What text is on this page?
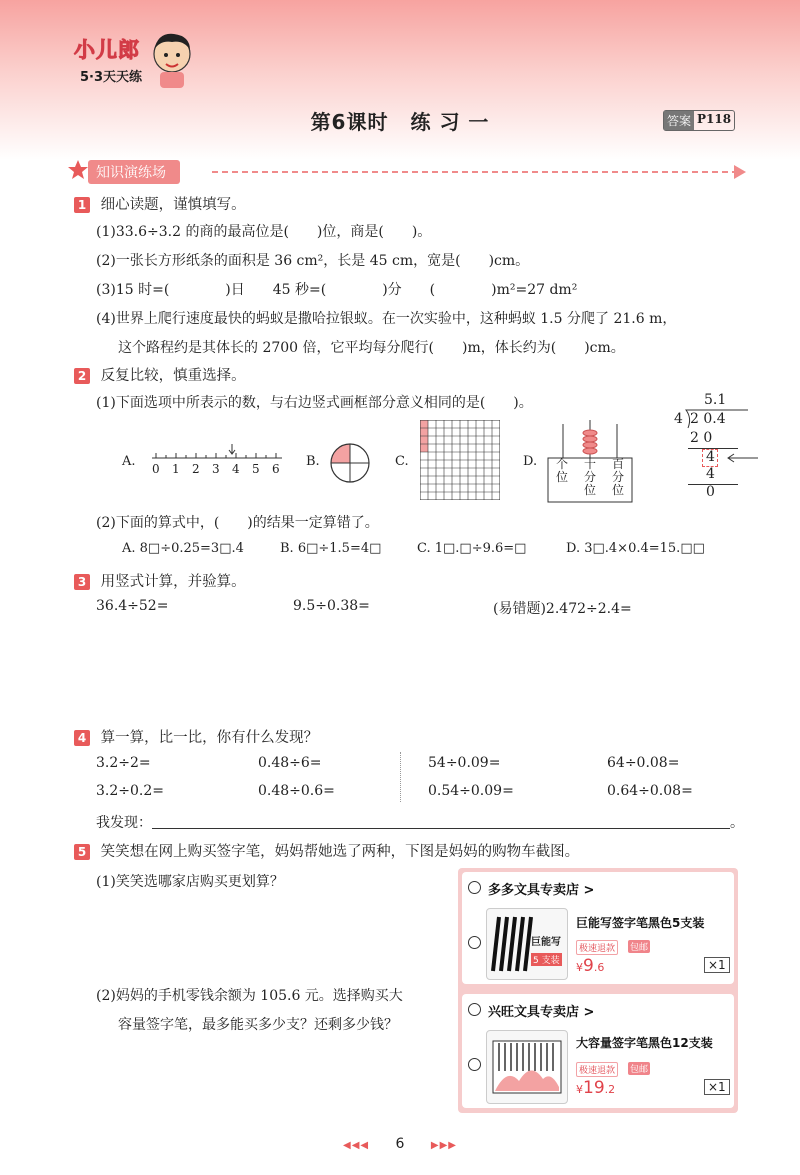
小儿郎
5·3天天练
第6课时 练 习 一	答案 P118
知识演练场
1 细心读题，谨慎填写。
(1)33.6÷3.2 的商的最高位是(　　)位，商是(　　)。
(2)一张长方形纸条的面积是 36 cm²，长是 45 cm，宽是(　　)cm。
(3)15 时=(　　　　)日　　45 秒=(　　　　)分　　(　　　　)m²=27 dm²
(4)世界上爬行速度最快的蚂蚁是撒哈拉银蚁。在一次实验中，这种蚂蚁 1.5 分爬了 21.6 m，
这个路程约是其体长的 2700 倍，它平均每分爬行(　　)m，体长约为(　　)cm。
2 反复比较，慎重选择。
(1)下面选项中所表示的数，与右边竖式画框部分意义相同的是(　　)。
A. 0 1 2 3 4 5 6 B.	C.	D. 个
位
十
分
位
百
分
位
5.1
4 2 0.4
2 0
4
4
0
(2)下面的算式中，(　　)的结果一定算错了。
A. 8□÷0.25=3□.4	B. 6□÷1.5=4□	C. 1□.□÷9.6=□	D. 3□.4×0.4=15.□□
3 用竖式计算，并验算。
36.4÷52=	9.5÷0.38=	(易错题)2.472÷2.4=
4 算一算，比一比，你有什么发现？
3.2÷2=	0.48÷6=	54÷0.09=	64÷0.08=
3.2÷0.2=	0.48÷0.6=	0.54÷0.09=	0.64÷0.08=
我发现：	。
5 笑笑想在网上购买签字笔，妈妈帮她选了两种，下图是妈妈的购物车截图。
(1)笑笑选哪家店购买更划算？
(2)妈妈的手机零钱余额为 105.6 元。选择购买大
容量签字笔，最多能买多少支？还剩多少钱？
多多文具专卖店 >
巨能写
5 支装
巨能写签字笔黑色5支装
极速退款	包邮
¥9.6	×1
兴旺文具专卖店 >
大容量签字笔黑色12支装
极速退款	包邮
¥19.2	×1
◀◀◀ 6	▶▶▶
